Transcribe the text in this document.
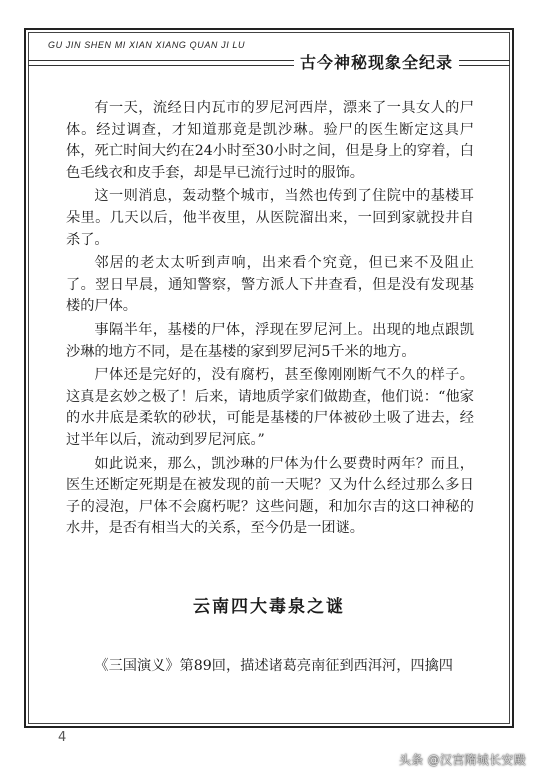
GU JIN SHEN MI XIAN XIANG QUAN JI LU
古今神秘现象全纪录

有一天，流经日内瓦市的罗尼河西岸，漂来了一具女人的尸体。经过调查，才知道那竟是凯沙琳。验尸的医生断定这具尸体，死亡时间大约在24小时至30小时之间，但是身上的穿着，白色毛线衣和皮手套，却是早已流行过时的服饰。

这一则消息，轰动整个城市，当然也传到了住院中的基楼耳朵里。几天以后，他半夜里，从医院溜出来，一回到家就投井自杀了。

邻居的老太太听到声响，出来看个究竟，但已来不及阻止了。翌日早晨，通知警察，警方派人下井查看，但是没有发现基楼的尸体。

事隔半年，基楼的尸体，浮现在罗尼河上。出现的地点跟凯沙琳的地方不同，是在基楼的家到罗尼河5千米的地方。

尸体还是完好的，没有腐朽，甚至像刚刚断气不久的样子。这真是玄妙之极了！后来，请地质学家们做勘查，他们说：“他家的水井底是柔软的砂状，可能是基楼的尸体被砂土吸了进去，经过半年以后，流动到罗尼河底。”

如此说来，那么，凯沙琳的尸体为什么要费时两年？而且，医生还断定死期是在被发现的前一天呢？又为什么经过那么多日子的浸泡，尸体不会腐朽呢？这些问题，和加尔吉的这口神秘的水井，是否有相当大的关系，至今仍是一团谜。

云南四大毒泉之谜
《三国演义》第89回，描述诸葛亮南征到西洱河，四擒四
4
头条 @汉宫隋城长安殿
